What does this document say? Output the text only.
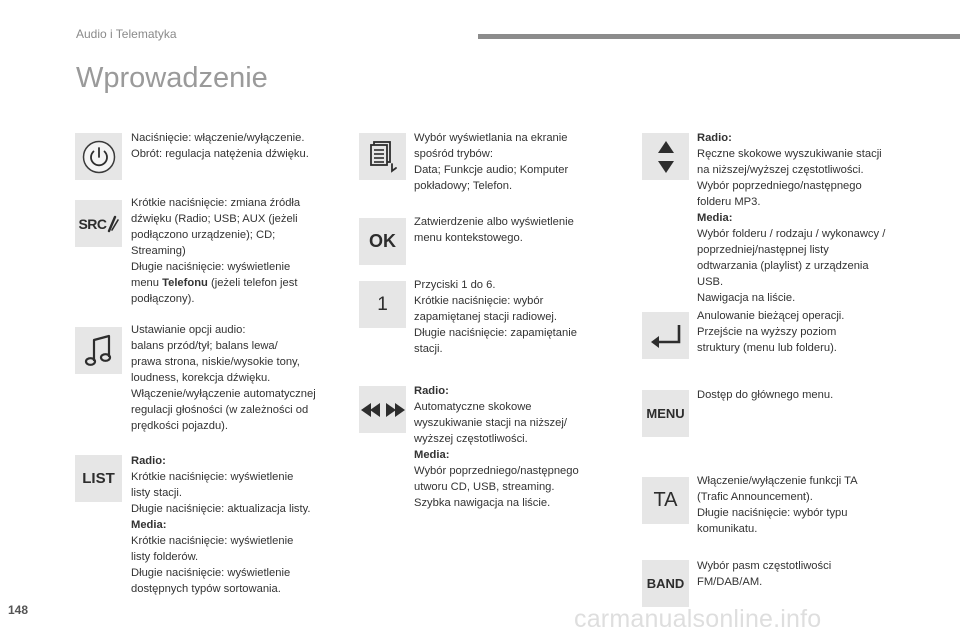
Audio i Telematyka
Wprowadzenie
Naciśnięcie: włączenie/wyłączenie.
Obrót: regulacja natężenia dźwięku.
SRC
Krótkie naciśnięcie: zmiana źródła
dźwięku (Radio; USB; AUX (jeżeli
podłączono urządzenie); CD;
Streaming)
Długie naciśnięcie: wyświetlenie
menu Telefonu (jeżeli telefon jest
podłączony).
Ustawianie opcji audio:
balans przód/tył; balans lewa/
prawa strona, niskie/wysokie tony,
loudness, korekcja dźwięku.
Włączenie/wyłączenie automatycznej
regulacji głośności (w zależności od
prędkości pojazdu).
LIST
Radio:
Krótkie naciśnięcie: wyświetlenie
listy stacji.
Długie naciśnięcie: aktualizacja listy.
Media:
Krótkie naciśnięcie: wyświetlenie
listy folderów.
Długie naciśnięcie: wyświetlenie
dostępnych typów sortowania.
Wybór wyświetlania na ekranie
spośród trybów:
Data; Funkcje audio; Komputer
pokładowy; Telefon.
OK
Zatwierdzenie albo wyświetlenie
menu kontekstowego.
1
Przyciski 1 do 6.
Krótkie naciśnięcie: wybór
zapamiętanej stacji radiowej.
Długie naciśnięcie: zapamiętanie
stacji.
Radio:
Automatyczne skokowe
wyszukiwanie stacji na niższej/
wyższej częstotliwości.
Media:
Wybór poprzedniego/następnego
utworu CD, USB, streaming.
Szybka nawigacja na liście.
Radio:
Ręczne skokowe wyszukiwanie stacji
na niższej/wyższej częstotliwości.
Wybór poprzedniego/następnego
folderu MP3.
Media:
Wybór folderu / rodzaju / wykonawcy /
poprzedniej/następnej listy
odtwarzania (playlist) z urządzenia
USB.
Nawigacja na liście.
Anulowanie bieżącej operacji.
Przejście na wyższy poziom
struktury (menu lub folderu).
MENU
Dostęp do głównego menu.
TA
Włączenie/wyłączenie funkcji TA
(Trafic Announcement).
Długie naciśnięcie: wybór typu
komunikatu.
BAND
Wybór pasm częstotliwości
FM/DAB/AM.
148	carmanualsonline.info
